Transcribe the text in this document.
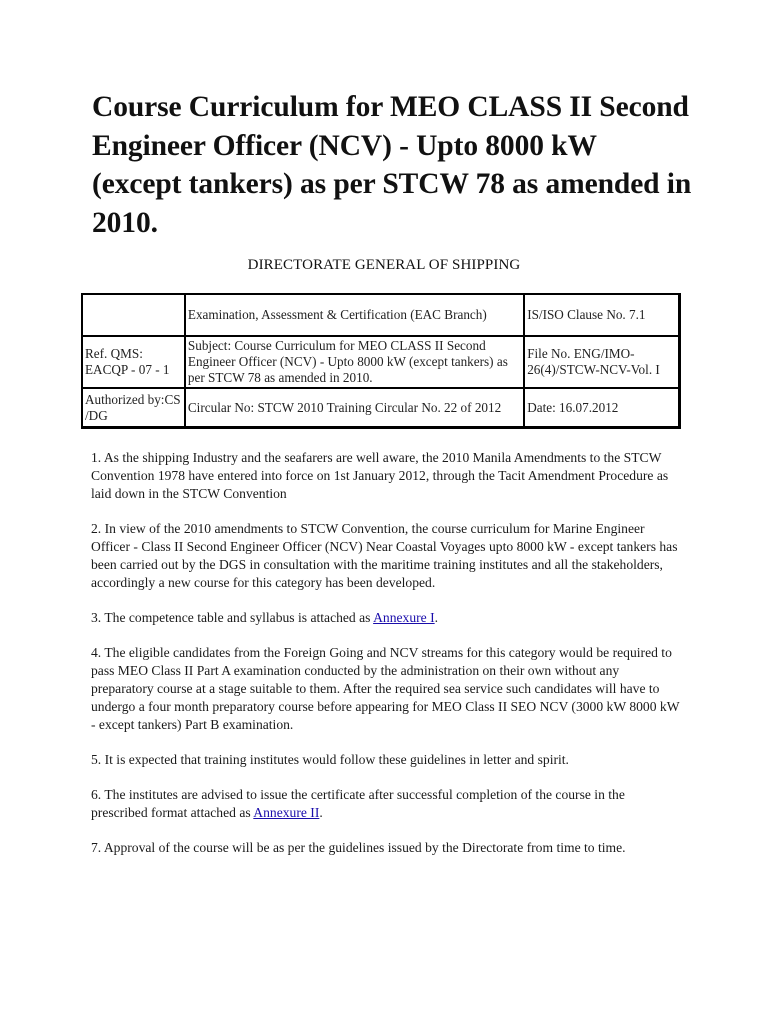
Course Curriculum for MEO CLASS II Second Engineer Officer (NCV) - Upto 8000 kW (except tankers) as per STCW 78 as amended in 2010.
DIRECTORATE GENERAL OF SHIPPING
	Examination, Assessment & Certification (EAC Branch)	IS/ISO Clause No. 7.1
Ref. QMS: EACQP - 07 - 1	Subject: Course Curriculum for MEO CLASS II Second Engineer Officer (NCV) - Upto 8000 kW (except tankers) as per STCW 78 as amended in 2010.	File No. ENG/IMO-26(4)/STCW-NCV-Vol. I
Authorized by:CS /DG	Circular No: STCW 2010 Training Circular No. 22 of 2012	Date: 16.07.2012

1. As the shipping Industry and the seafarers are well aware, the 2010 Manila Amendments to the STCW Convention 1978 have entered into force on 1st January 2012, through the Tacit Amendment Procedure as laid down in the STCW Convention

2. In view of the 2010 amendments to STCW Convention, the course curriculum for Marine Engineer Officer - Class II Second Engineer Officer (NCV) Near Coastal Voyages upto 8000 kW - except tankers has been carried out by the DGS in consultation with the maritime training institutes and all the stakeholders, accordingly a new course for this category has been developed.

3. The competence table and syllabus is attached as Annexure I.

4. The eligible candidates from the Foreign Going and NCV streams for this category would be required to pass MEO Class II Part A examination conducted by the administration on their own without any preparatory course at a stage suitable to them. After the required sea service such candidates will have to undergo a four month preparatory course before appearing for MEO Class II SEO NCV (3000 kW 8000 kW - except tankers) Part B examination.

5. It is expected that training institutes would follow these guidelines in letter and spirit.

6. The institutes are advised to issue the certificate after successful completion of the course in the prescribed format attached as Annexure II.

7. Approval of the course will be as per the guidelines issued by the Directorate from time to time.
